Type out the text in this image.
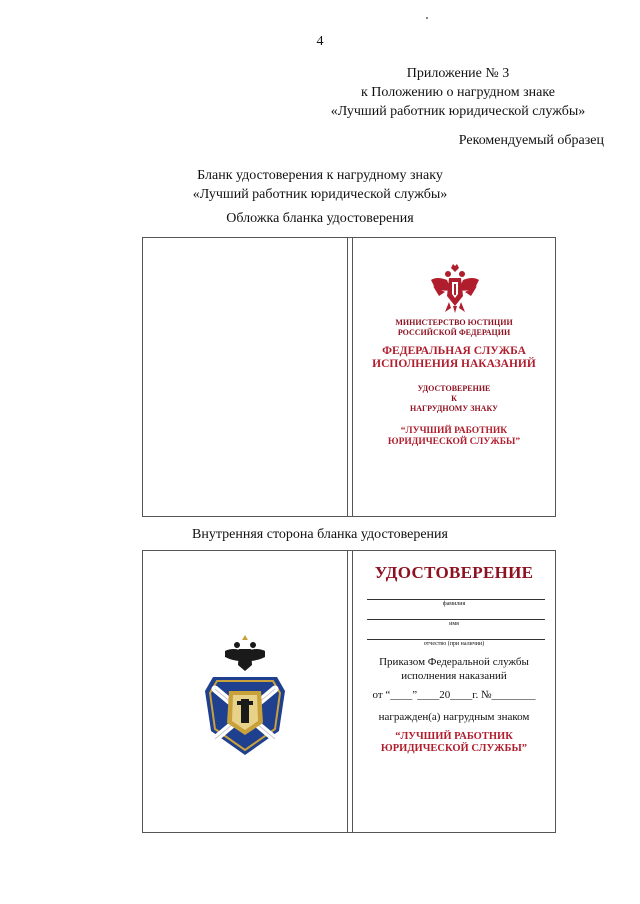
4
Приложение № 3
к Положению о нагрудном знаке
«Лучший работник юридической службы»
Рекомендуемый образец
Бланк удостоверения к нагрудному знаку
«Лучший работник юридической службы»
Обложка бланка удостоверения
МИНИСТЕРСТВО ЮСТИЦИИ
РОССИЙСКОЙ ФЕДЕРАЦИИ
ФЕДЕРАЛЬНАЯ СЛУЖБА
ИСПОЛНЕНИЯ НАКАЗАНИЙ
УДОСТОВЕРЕНИЕ
К
НАГРУДНОМУ ЗНАКУ
“ЛУЧШИЙ РАБОТНИК
ЮРИДИЧЕСКОЙ СЛУЖБЫ”
Внутренняя сторона бланка удостоверения
УДОСТОВЕРЕНИЕ
фамилия
имя
отчество (при наличии)
Приказом Федеральной службы
исполнения наказаний
от “____”____20____г. №________
награжден(а) нагрудным знаком
“ЛУЧШИЙ РАБОТНИК
ЮРИДИЧЕСКОЙ СЛУЖБЫ”
